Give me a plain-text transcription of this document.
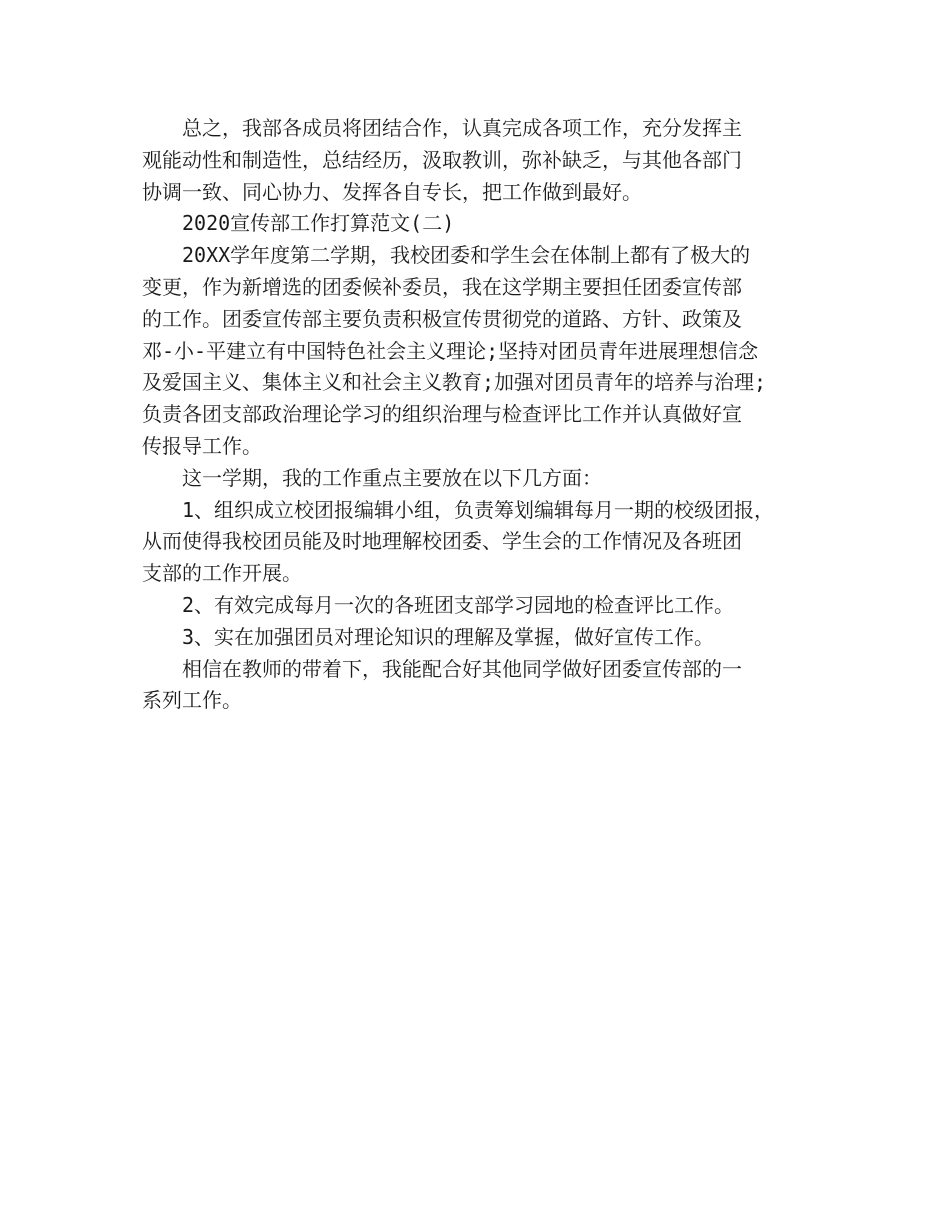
总之，我部各成员将团结合作，认真完成各项工作，充分发挥主
观能动性和制造性，总结经历，汲取教训，弥补缺乏，与其他各部门
协调一致、同心协力、发挥各自专长，把工作做到最好。
2020宣传部工作打算范文(二)
20XX学年度第二学期，我校团委和学生会在体制上都有了极大的
变更，作为新增选的团委候补委员，我在这学期主要担任团委宣传部
的工作。团委宣传部主要负责积极宣传贯彻党的道路、方针、政策及
邓-小-平建立有中国特色社会主义理论;坚持对团员青年进展理想信念
及爱国主义、集体主义和社会主义教育;加强对团员青年的培养与治理;
负责各团支部政治理论学习的组织治理与检查评比工作并认真做好宣
传报导工作。
这一学期，我的工作重点主要放在以下几方面：
1、组织成立校团报编辑小组，负责筹划编辑每月一期的校级团报，
从而使得我校团员能及时地理解校团委、学生会的工作情况及各班团
支部的工作开展。
2、有效完成每月一次的各班团支部学习园地的检查评比工作。
3、实在加强团员对理论知识的理解及掌握，做好宣传工作。
相信在教师的带着下，我能配合好其他同学做好团委宣传部的一
系列工作。
